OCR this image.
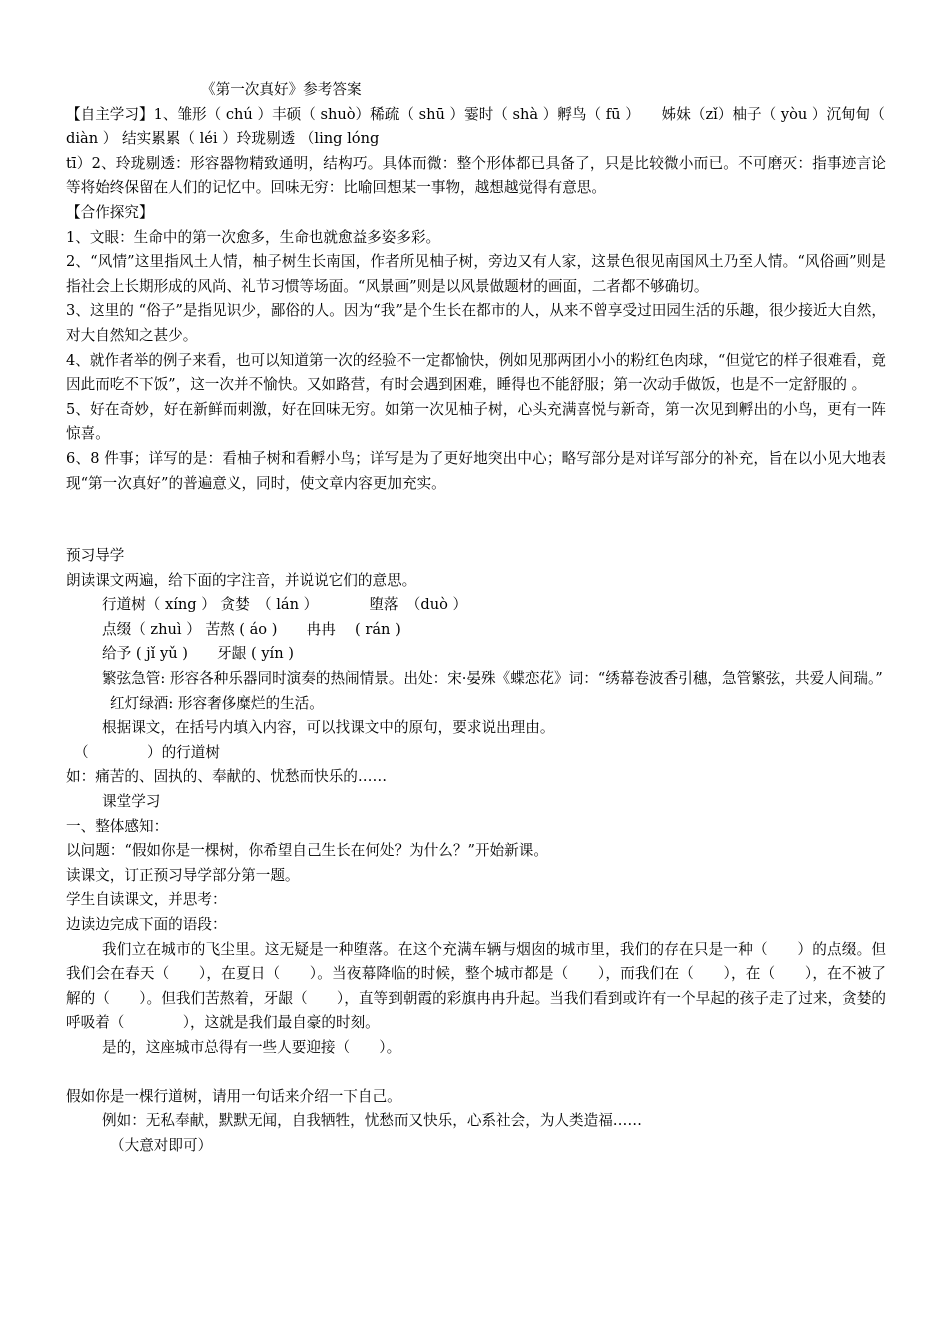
《第一次真好》参考答案
【自主学习】1、雏形（ chú ）丰硕（ shuò）稀疏（ shū ）霎时（ shà ）孵鸟（ fū ）　　姊妹（zǐ）柚子（ yòu ）沉甸甸（
diàn ） 结实累累（ léi ）玲珑剔透 （ling lóng
tī）2、玲珑剔透：形容器物精致通明，结构巧。具体而微：整个形体都已具备了，只是比较微小而已。不可磨灭：指事迹言论等将始终保留在人们的记忆中。回味无穷：比喻回想某一事物，越想越觉得有意思。
【合作探究】
1、文眼：生命中的第一次愈多，生命也就愈益多姿多彩。
2、“风情”这里指风土人情，柚子树生长南国，作者所见柚子树，旁边又有人家，这景色很见南国风土乃至人情。“风俗画”则是指社会上长期形成的风尚、礼节习惯等场面。“风景画”则是以风景做题材的画面，二者都不够确切。
3、这里的 “俗子”是指见识少，鄙俗的人。因为“我”是个生长在都市的人，从来不曾享受过田园生活的乐趣，很少接近大自然，对大自然知之甚少。
4、就作者举的例子来看，也可以知道第一次的经验不一定都愉快，例如见那两团小小的粉红色肉球，“但觉它的样子很难看，竟因此而吃不下饭”，这一次并不愉快。又如路营，有时会遇到困难，睡得也不能舒服；第一次动手做饭，也是不一定舒服的 。
5、好在奇妙，好在新鲜而刺激，好在回味无穷。如第一次见柚子树，心头充满喜悦与新奇，第一次见到孵出的小鸟，更有一阵惊喜。
6、8 件事；详写的是：看柚子树和看孵小鸟；详写是为了更好地突出中心；略写部分是对详写部分的补充，旨在以小见大地表现“第一次真好”的普遍意义，同时，使文章内容更加充实。
预习导学
朗读课文两遍，给下面的字注音，并说说它们的意思。
行道树（ xíng ） 贪婪　（ lán ）　　　　堕落　（duò ）
点缀（ zhuì ） 苦熬 ( áo )　　冉冉　 ( rán )
给予 ( jǐ yǔ )　　牙龈 ( yín )
繁弦急管: 形容各种乐器同时演奏的热闹情景。出处：宋·晏殊《蝶恋花》词：“绣幕卷波香引穗，急管繁弦，共爱人间瑞。”
红灯绿酒: 形容奢侈糜烂的生活。
根据课文，在括号内填入内容，可以找课文中的原句，要求说出理由。
（　　　　）的行道树
如：痛苦的、固执的、奉献的、忧愁而快乐的……
课堂学习
一、整体感知：
以问题：“假如你是一棵树，你希望自己生长在何处？为什么？”开始新课。
读课文，订正预习导学部分第一题。
学生自读课文，并思考：
边读边完成下面的语段：
我们立在城市的飞尘里。这无疑是一种堕落。在这个充满车辆与烟囱的城市里，我们的存在只是一种（　　）的点缀。但我们会在春天（　　），在夏日（　　）。当夜幕降临的时候，整个城市都是（　　），而我们在（　　），在（　　），在不被了解的（　　）。但我们苦熬着，牙龈（　　），直等到朝霞的彩旗冉冉升起。当我们看到或许有一个早起的孩子走了过来，贪婪的呼吸着（　　　　），这就是我们最自豪的时刻。
是的，这座城市总得有一些人要迎接（　　）。
假如你是一棵行道树，请用一句话来介绍一下自己。
例如：无私奉献，默默无闻，自我牺牲，忧愁而又快乐，心系社会，为人类造福……
（大意对即可）
